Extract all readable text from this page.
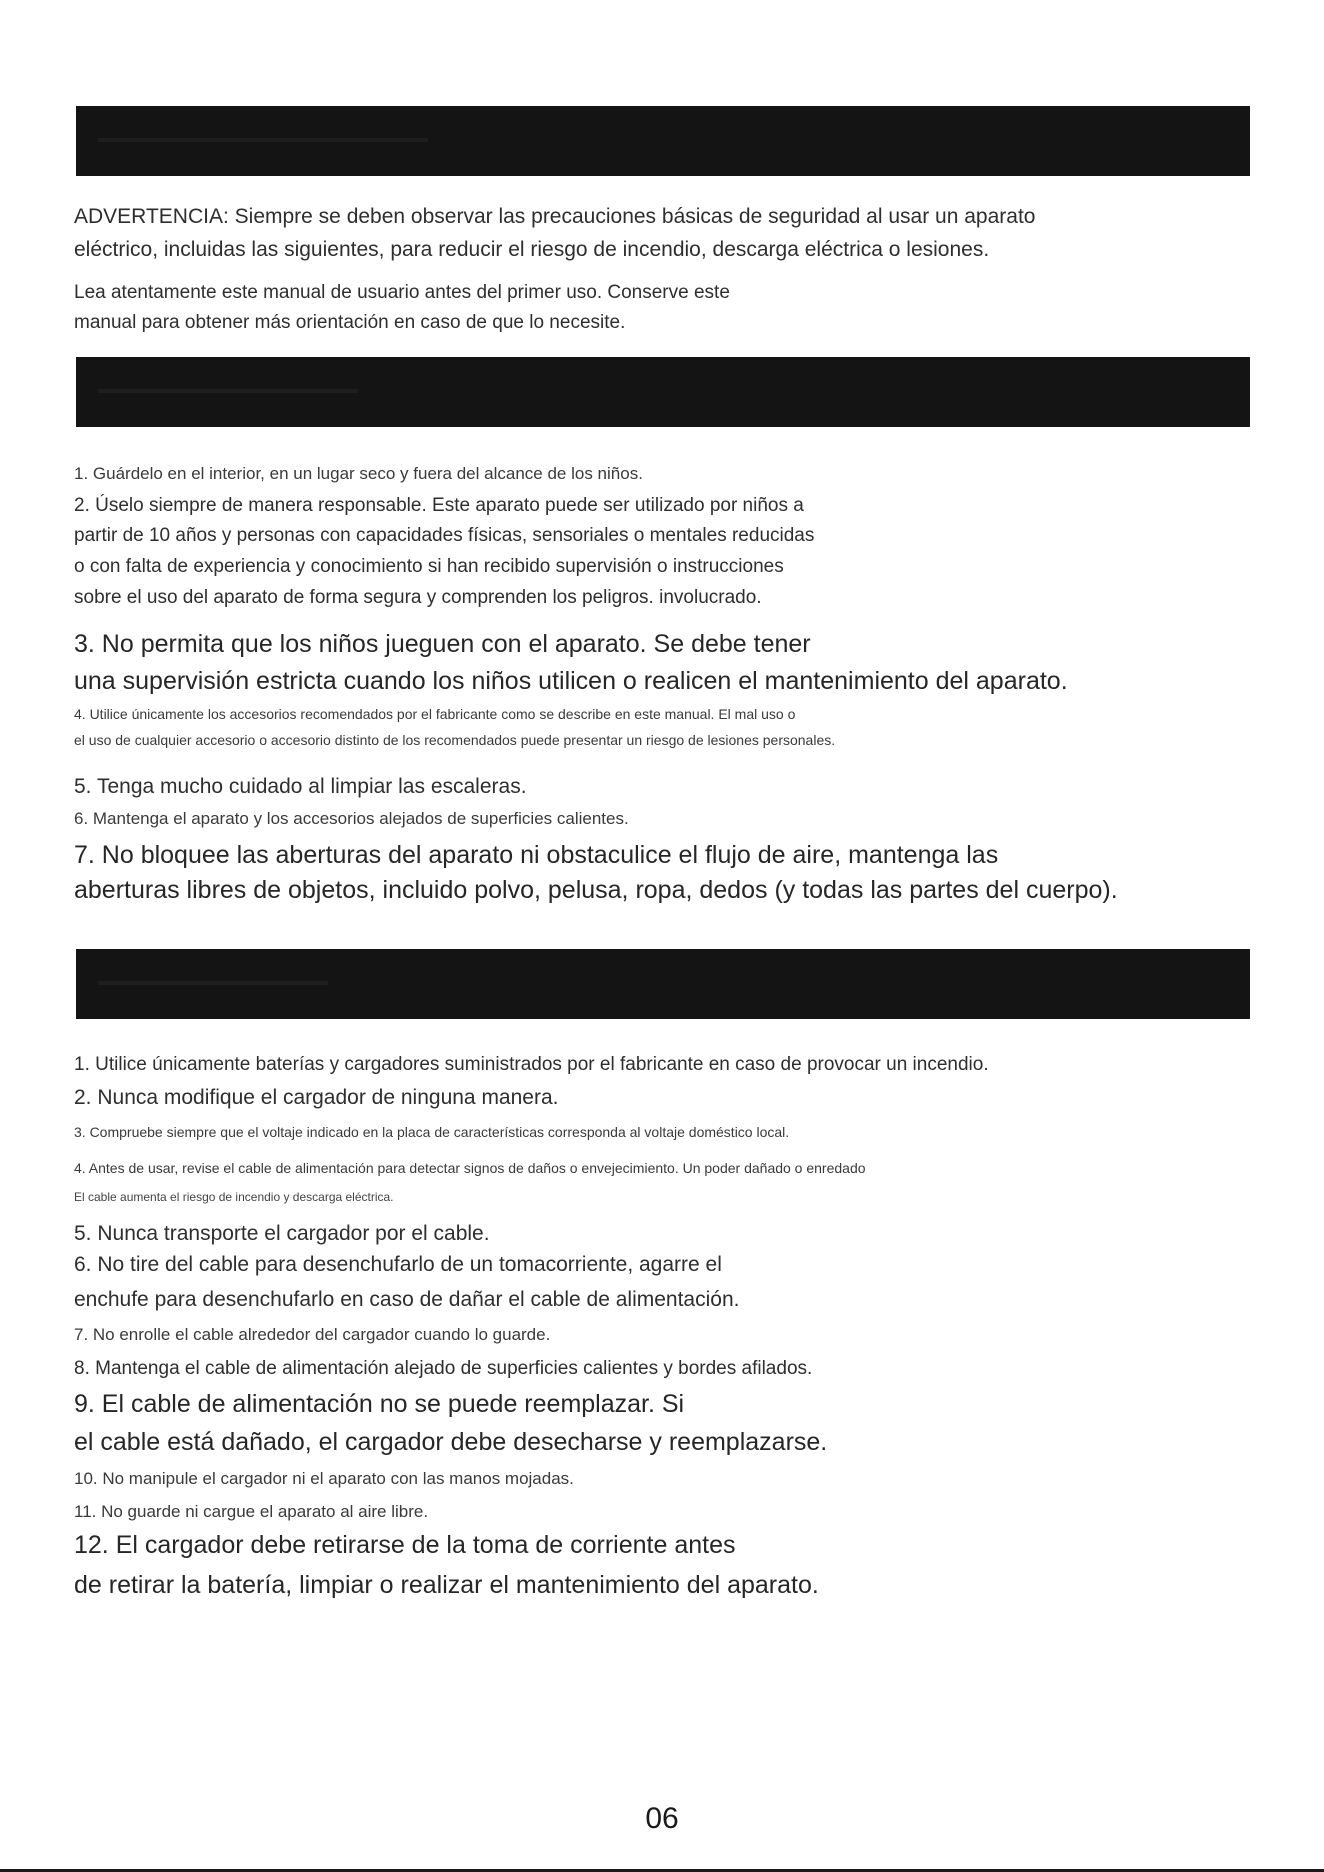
ADVERTENCIA: Siempre se deben observar las precauciones básicas de seguridad al usar un aparato
eléctrico, incluidas las siguientes, para reducir el riesgo de incendio, descarga eléctrica o lesiones.
Lea atentamente este manual de usuario antes del primer uso. Conserve este
manual para obtener más orientación en caso de que lo necesite.
1. Guárdelo en el interior, en un lugar seco y fuera del alcance de los niños.
2. Úselo siempre de manera responsable. Este aparato puede ser utilizado por niños a
partir de 10 años y personas con capacidades físicas, sensoriales o mentales reducidas
o con falta de experiencia y conocimiento si han recibido supervisión o instrucciones
sobre el uso del aparato de forma segura y comprenden los peligros. involucrado.
3. No permita que los niños jueguen con el aparato. Se debe tener
una supervisión estricta cuando los niños utilicen o realicen el mantenimiento del aparato.
4. Utilice únicamente los accesorios recomendados por el fabricante como se describe en este manual. El mal uso o
el uso de cualquier accesorio o accesorio distinto de los recomendados puede presentar un riesgo de lesiones personales.
5. Tenga mucho cuidado al limpiar las escaleras.
6. Mantenga el aparato y los accesorios alejados de superficies calientes.
7. No bloquee las aberturas del aparato ni obstaculice el flujo de aire, mantenga las
aberturas libres de objetos, incluido polvo, pelusa, ropa, dedos (y todas las partes del cuerpo).
1. Utilice únicamente baterías y cargadores suministrados por el fabricante en caso de provocar un incendio.
2. Nunca modifique el cargador de ninguna manera.
3. Compruebe siempre que el voltaje indicado en la placa de características corresponda al voltaje doméstico local.
4. Antes de usar, revise el cable de alimentación para detectar signos de daños o envejecimiento. Un poder dañado o enredado
El cable aumenta el riesgo de incendio y descarga eléctrica.
5. Nunca transporte el cargador por el cable.
6. No tire del cable para desenchufarlo de un tomacorriente, agarre el
enchufe para desenchufarlo en caso de dañar el cable de alimentación.
7. No enrolle el cable alrededor del cargador cuando lo guarde.
8. Mantenga el cable de alimentación alejado de superficies calientes y bordes afilados.
9. El cable de alimentación no se puede reemplazar. Si
el cable está dañado, el cargador debe desecharse y reemplazarse.
10. No manipule el cargador ni el aparato con las manos mojadas.
11. No guarde ni cargue el aparato al aire libre.
12. El cargador debe retirarse de la toma de corriente antes
de retirar la batería, limpiar o realizar el mantenimiento del aparato.
06
